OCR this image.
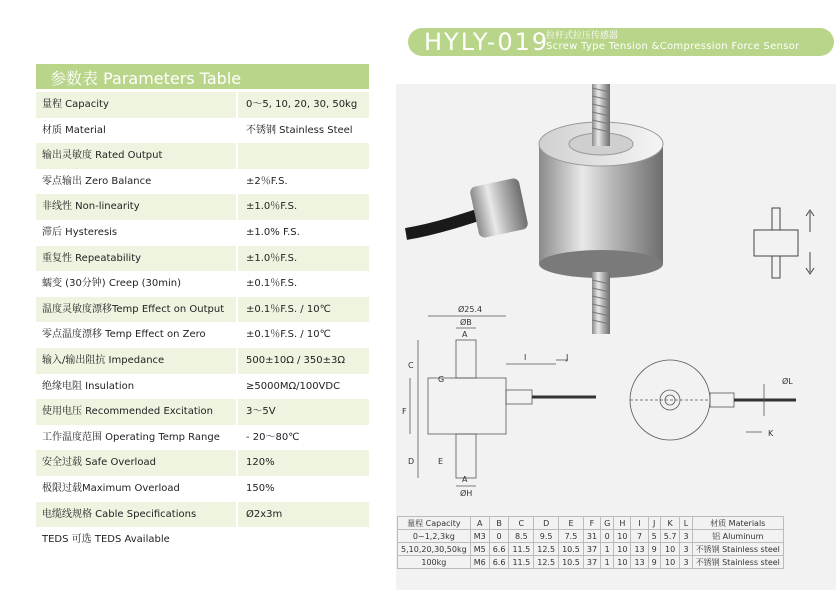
HYLY-019
拉杆式拉压传感器
Screw Type Tension &Compression Force Sensor
参数表 Parameters Table
量程 Capacity	0～5, 10, 20, 30, 50kg
材质 Material	不锈钢 Stainless Steel
输出灵敏度 Rated Output
零点输出 Zero Balance	±2％F.S.
非线性 Non-linearity	±1.0％F.S.
滞后 Hysteresis	±1.0% F.S.
重复性 Repeatability	±1.0％F.S.
蠕变 (30分钟) Creep (30min)	±0.1％F.S.
温度灵敏度漂移Temp Effect on Output	±0.1％F.S. / 10℃
零点温度漂移 Temp Effect on Zero	±0.1％F.S. / 10℃
输入/输出阻抗 Impedance	500±10Ω / 350±3Ω
绝缘电阻 Insulation	≥5000MΩ/100VDC
使用电压 Recommended Excitation	3～5V
工作温度范围 Operating Temp Range	- 20～80℃
安全过载 Safe Overload	120%
极限过载Maximum Overload	150%
电缆线规格 Cable Specifications	Ø2x3m
TEDS 可选 TEDS Available
Ø25.4
ØB
A
C
G
F
D	E
I	J
A
ØH
ØL
K
量程 Capacity	A	B	C	D	E	F	G	H	I	J	K	L	材质 Materials
0~1,2,3kg	M3	0	8.5	9.5	7.5	31	0	10	7	5	5.7	3	铝 Aluminum
5,10,20,30,50kg	M5	6.6	11.5	12.5	10.5	37	1	10	13	9	10	3	不锈钢 Stainless steel
100kg	M6	6.6	11.5	12.5	10.5	37	1	10	13	9	10	3	不锈钢 Stainless steel
